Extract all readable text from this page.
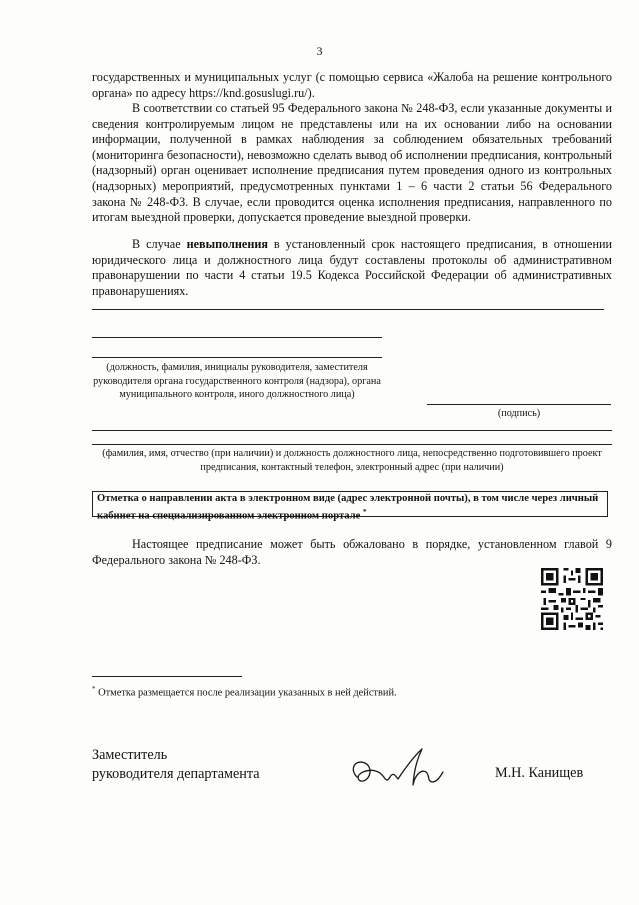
3

государственных и муниципальных услуг (с помощью сервиса «Жалоба на решение контрольного органа» по адресу https://knd.gosuslugi.ru/).

В соответствии со статьей 95 Федерального закона № 248-ФЗ, если указанные документы и сведения контролируемым лицом не представлены или на их основании либо на основании информации, полученной в рамках наблюдения за соблюдением обязательных требований (мониторинга безопасности), невозможно сделать вывод об исполнении предписания, контрольный (надзорный) орган оценивает исполнение предписания путем проведения одного из контрольных (надзорных) мероприятий, предусмотренных пунктами 1 – 6 части 2 статьи 56 Федерального закона № 248-ФЗ. В случае, если проводится оценка исполнения предписания, направленного по итогам выездной проверки, допускается проведение выездной проверки.

В случае невыполнения в установленный срок настоящего предписания, в отношении юридического лица и должностного лица будут составлены протоколы об административном правонарушении по части 4 статьи 19.5 Кодекса Российской Федерации об административных правонарушениях.

(должность, фамилия, инициалы руководителя, заместителя руководителя органа государственного контроля (надзора), органа муниципального контроля, иного должностного лица)
(подпись)
(фамилия, имя, отчество (при наличии) и должность должностного лица, непосредственно подготовившего проект предписания, контактный телефон, электронный адрес (при наличии)
Отметка о направлении акта в электронном виде (адрес электронной почты), в том числе через личный кабинет на специализированном электронном портале *

Настоящее предписание может быть обжаловано в порядке, установленном главой 9 Федерального закона № 248-ФЗ.

* Отметка размещается после реализации указанных в ней действий.
Заместитель
руководителя департамента	М.Н. Канищев
